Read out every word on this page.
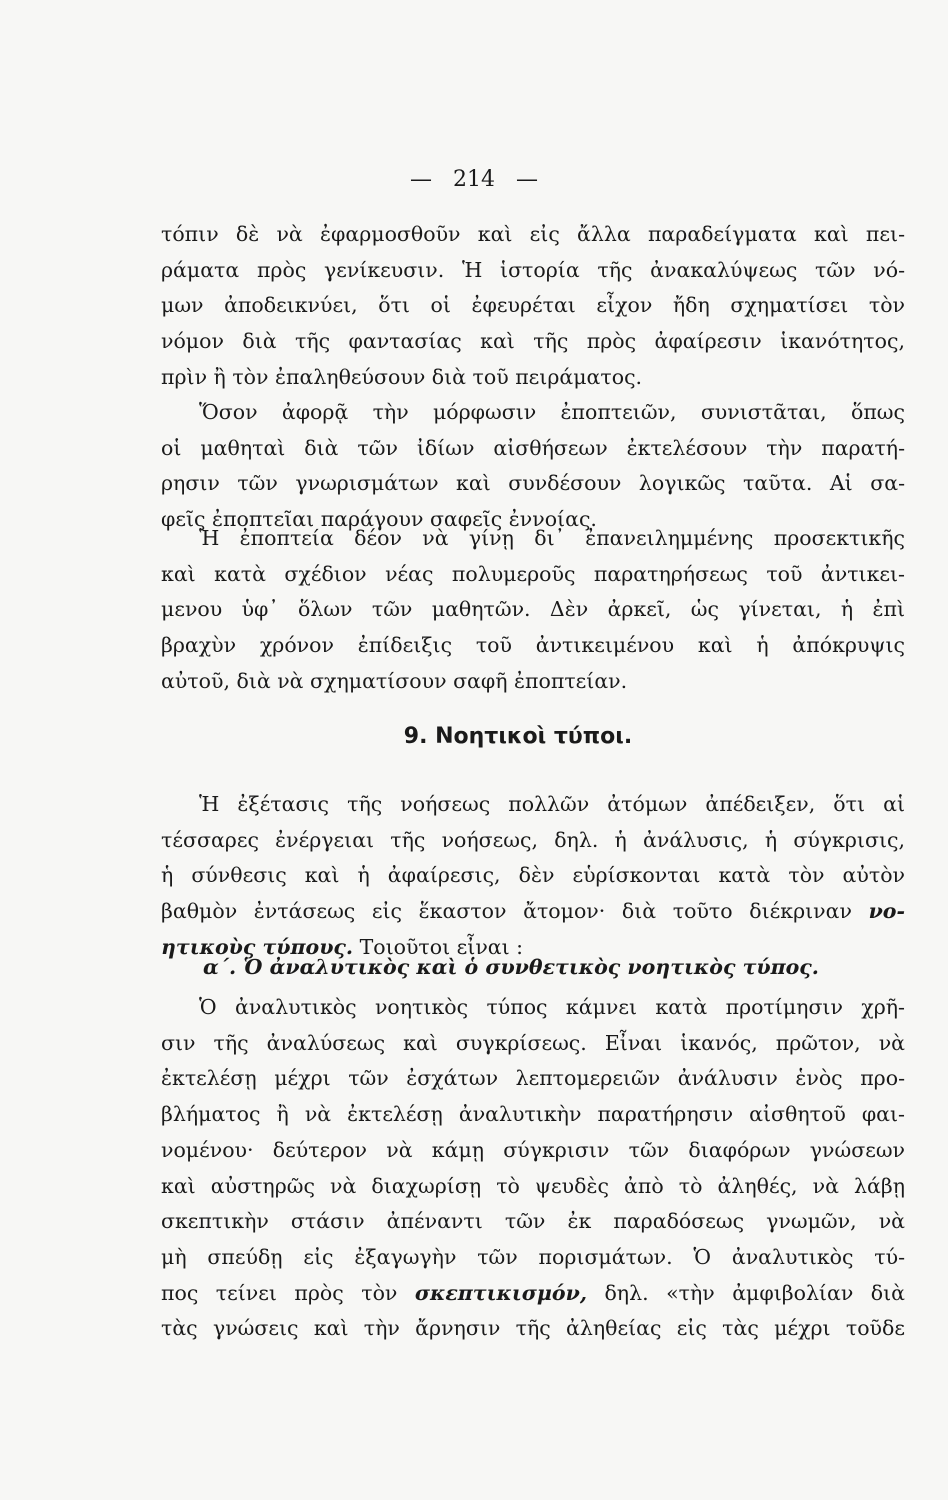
— 214 —

τόπιν δὲ νὰ ἐφαρμοσθοῦν καὶ εἰς ἄλλα παραδείγματα καὶ πει-
ράματα πρὸς γενίκευσιν. Ἡ ἱστορία τῆς ἀνακαλύψεως τῶν νό-
μων ἀποδεικνύει, ὅτι οἱ ἐφευρέται εἶχον ἤδη σχηματίσει τὸν
νόμον διὰ τῆς φαντασίας καὶ τῆς πρὸς ἀφαίρεσιν ἱκανότητος,
πρὶν ἢ τὸν ἐπαληθεύσουν διὰ τοῦ πειράματος.

Ὅσον ἀφορᾷ τὴν μόρφωσιν ἐποπτειῶν, συνιστᾶται, ὅπως
οἱ μαθηταὶ διὰ τῶν ἰδίων αἰσθήσεων ἐκτελέσουν τὴν παρατή-
ρησιν τῶν γνωρισμάτων καὶ συνδέσουν λογικῶς ταῦτα. Αἱ σα-
φεῖς ἐποπτεῖαι παράγουν σαφεῖς ἐννοίας.

Ἡ ἐποπτεία δέον νὰ γίνῃ δι᾽ ἐπανειλημμένης προσεκτικῆς
καὶ κατὰ σχέδιον νέας πολυμεροῦς παρατηρήσεως τοῦ ἀντικει-
μενου ὑφ᾽ ὅλων τῶν μαθητῶν. Δὲν ἀρκεῖ, ὡς γίνεται, ἡ ἐπὶ
βραχὺν χρόνον ἐπίδειξις τοῦ ἀντικειμένου καὶ ἡ ἀπόκρυψις
αὐτοῦ, διὰ νὰ σχηματίσουν σαφῆ ἐποπτείαν.

9. Νοητικοὶ τύποι.

Ἡ ἐξέτασις τῆς νοήσεως πολλῶν ἀτόμων ἀπέδειξεν, ὅτι αἱ
τέσσαρες ἐνέργειαι τῆς νοήσεως, δηλ. ἡ ἀνάλυσις, ἡ σύγκρισις,
ἡ σύνθεσις καὶ ἡ ἀφαίρεσις, δὲν εὑρίσκονται κατὰ τὸν αὐτὸν
βαθμὸν ἐντάσεως εἰς ἕκαστον ἄτομον· διὰ τοῦτο διέκριναν νο-
ητικοὺς τύπους. Τοιοῦτοι εἶναι :

α΄. Ὁ ἀναλυτικὸς καὶ ὁ συνθετικὸς νοητικὸς τύπος.

Ὁ ἀναλυτικὸς νοητικὸς τύπος κάμνει κατὰ προτίμησιν χρῆ-
σιν τῆς ἀναλύσεως καὶ συγκρίσεως. Εἶναι ἱκανός, πρῶτον, νὰ
ἐκτελέσῃ μέχρι τῶν ἐσχάτων λεπτομερειῶν ἀνάλυσιν ἑνὸς προ-
βλήματος ἢ νὰ ἐκτελέσῃ ἀναλυτικὴν παρατήρησιν αἰσθητοῦ φαι-
νομένου· δεύτερον νὰ κάμῃ σύγκρισιν τῶν διαφόρων γνώσεων
καὶ αὐστηρῶς νὰ διαχωρίσῃ τὸ ψευδὲς ἀπὸ τὸ ἀληθές, νὰ λάβῃ
σκεπτικὴν στάσιν ἀπέναντι τῶν ἐκ παραδόσεως γνωμῶν, νὰ
μὴ σπεύδῃ εἰς ἐξαγωγὴν τῶν πορισμάτων. Ὁ ἀναλυτικὸς τύ-
πος τείνει πρὸς τὸν σκεπτικισμόν, δηλ. «τὴν ἀμφιβολίαν διὰ
τὰς γνώσεις καὶ τὴν ἄρνησιν τῆς ἀληθείας εἰς τὰς μέχρι τοῦδε
